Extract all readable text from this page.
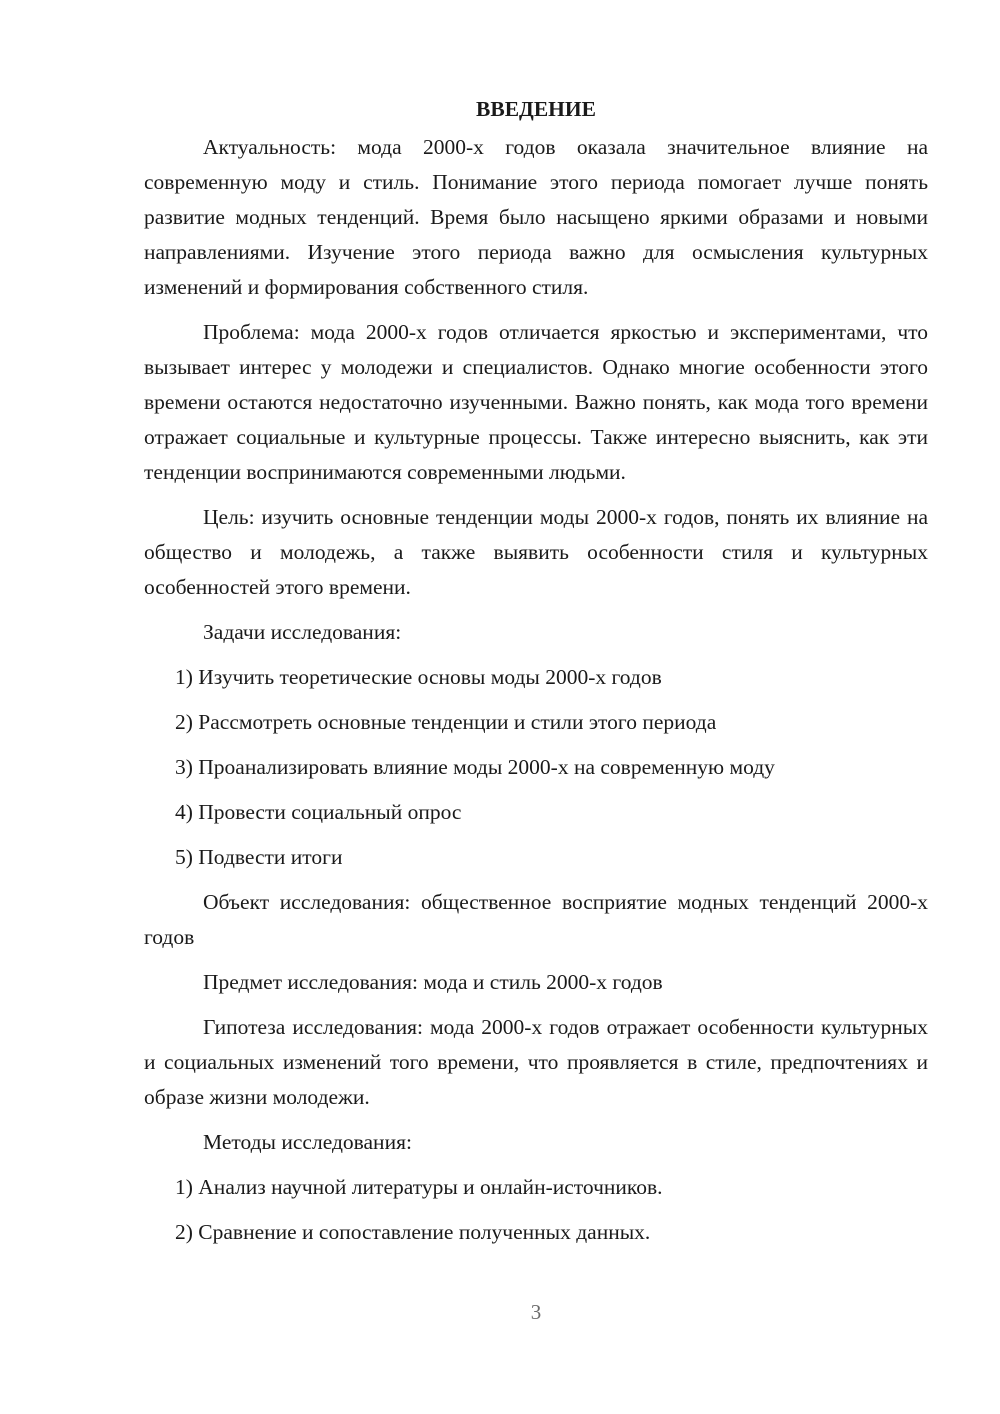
ВВЕДЕНИЕ

Актуальность: мода 2000-х годов оказала значительное влияние на современную моду и стиль. Понимание этого периода помогает лучше понять развитие модных тенденций. Время было насыщено яркими образами и новыми направлениями. Изучение этого периода важно для осмысления культурных изменений и формирования собственного стиля.

Проблема: мода 2000-х годов отличается яркостью и экспериментами, что вызывает интерес у молодежи и специалистов. Однако многие особенности этого времени остаются недостаточно изученными. Важно понять, как мода того времени отражает социальные и культурные процессы. Также интересно выяснить, как эти тенденции воспринимаются современными людьми.

Цель: изучить основные тенденции моды 2000-х годов, понять их влияние на общество и молодежь, а также выявить особенности стиля и культурных особенностей этого времени.

Задачи исследования:

1) Изучить теоретические основы моды 2000-х годов

2) Рассмотреть основные тенденции и стили этого периода

3) Проанализировать влияние моды 2000-х на современную моду

4) Провести социальный опрос

5) Подвести итоги

Объект исследования: общественное восприятие модных тенденций 2000-х годов

Предмет исследования: мода и стиль 2000-х годов

Гипотеза исследования: мода 2000-х годов отражает особенности культурных и социальных изменений того времени, что проявляется в стиле, предпочтениях и образе жизни молодежи.

Методы исследования:

1) Анализ научной литературы и онлайн-источников.

2) Сравнение и сопоставление полученных данных.

3
